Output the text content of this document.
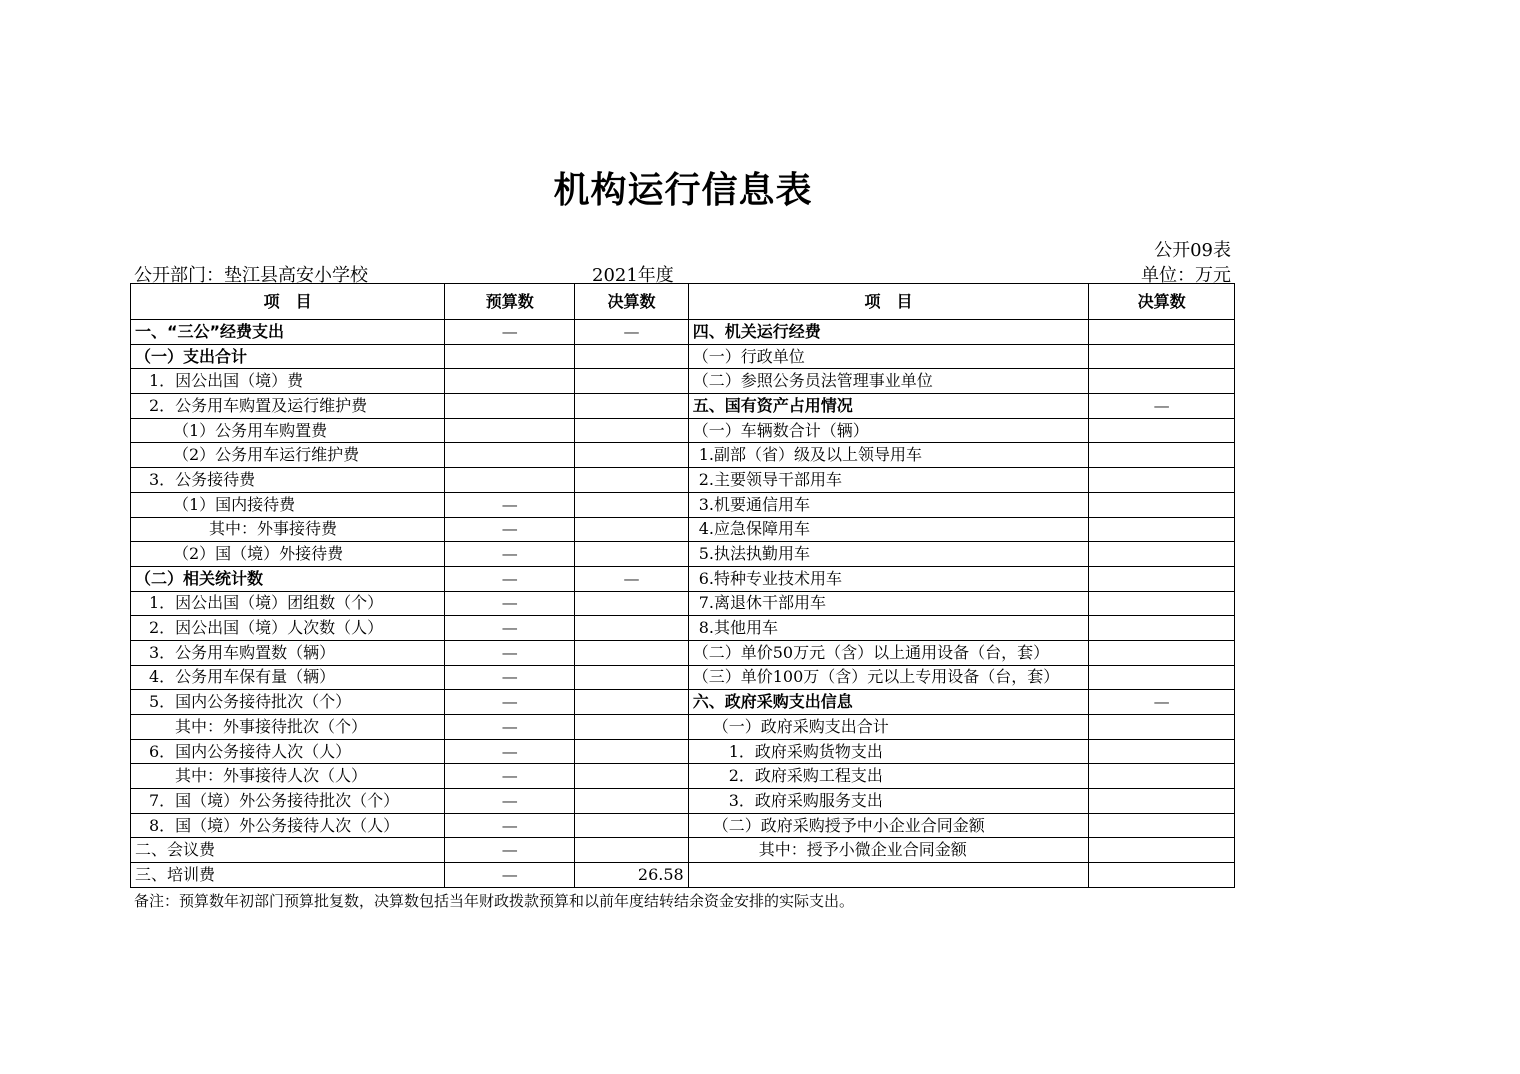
机构运行信息表
公开09表
公开部门：垫江县高安小学校	2021年度	单位：万元
项　目	预算数	决算数	项　目	决算数
一、“三公”经费支出	—	—	四、机关运行经费	
（一）支出合计			（一）行政单位	
1．因公出国（境）费			（二）参照公务员法管理事业单位	
2．公务用车购置及运行维护费			五、国有资产占用情况	—
（1）公务用车购置费			（一）车辆数合计（辆）	
（2）公务用车运行维护费			1.副部（省）级及以上领导用车	
3．公务接待费			2.主要领导干部用车	
（1）国内接待费	—		3.机要通信用车	
其中：外事接待费	—		4.应急保障用车	
（2）国（境）外接待费	—		5.执法执勤用车	
（二）相关统计数	—	—	6.特种专业技术用车	
1．因公出国（境）团组数（个）	—		7.离退休干部用车	
2．因公出国（境）人次数（人）	—		8.其他用车	
3．公务用车购置数（辆）	—		（二）单价50万元（含）以上通用设备（台，套）	
4．公务用车保有量（辆）	—		（三）单价100万（含）元以上专用设备（台，套）	
5．国内公务接待批次（个）	—		六、政府采购支出信息	—
其中：外事接待批次（个）	—		（一）政府采购支出合计	
6．国内公务接待人次（人）	—		1．政府采购货物支出	
其中：外事接待人次（人）	—		2．政府采购工程支出	
7．国（境）外公务接待批次（个）	—		3．政府采购服务支出	
8．国（境）外公务接待人次（人）	—		（二）政府采购授予中小企业合同金额	
二、会议费	—		其中：授予小微企业合同金额	
三、培训费	—	26.58		
备注：预算数年初部门预算批复数，决算数包括当年财政拨款预算和以前年度结转结余资金安排的实际支出。
